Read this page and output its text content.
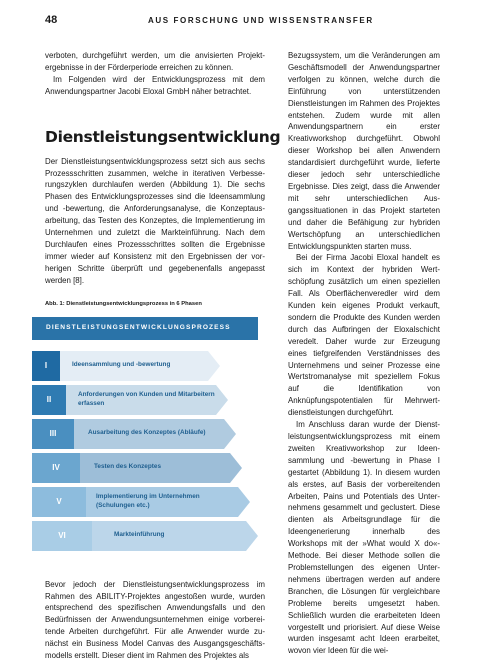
48	AUS FORSCHUNG UND WISSENSTRANSFER

verboten, durchgeführt werden, um die anvisierten Projektergebnisse in der Förderperiode erreichen zu können.

Im Folgenden wird der Entwicklungsprozess mit dem Anwendungspartner Jacobi Eloxal GmbH näher betrachtet.

Dienstleistungsentwicklung

Der Dienstleistungsentwicklungsprozess setzt sich aus sechs Prozessschritten zusammen, welche in iterativen Verbesserungszyklen durchlaufen werden (Abbildung 1). Die sechs Phasen des Entwicklungsprozesses sind die Ideensammlung und -bewertung, die Anforderungsanalyse, die Konzeptausarbeitung, das Testen des Konzeptes, die Implementierung im Unternehmen und zuletzt die Markteinführung. Nach dem Durchlaufen eines Prozessschrittes sollten die Ergebnisse immer wieder auf Konsistenz mit den Ergebnissen der vorherigen Schritte überprüft und gegebenenfalls angepasst werden [8].

Abb. 1: Dienstleistungsentwicklungsprozess in 6 Phasen
DIENSTLEISTUNGSENTWICKLUNGSPROZESS
I	Ideensammlung und -bewertung
II	Anforderungen von Kunden und Mitarbeitern erfassen
III	Ausarbeitung des Konzeptes (Abläufe)
IV	Testen des Konzeptes
V	Implementierung im Unternehmen (Schulungen etc.)
VI	Markteinführung

Bevor jedoch der Dienstleistungsentwicklungsprozess im Rahmen des ABILITY-Projektes angestoßen wurde, wurden entsprechend des spezifischen Anwendungsfalls und den Bedürfnissen der Anwendungsunternehmen einige vorbereitende Arbeiten durchgeführt. Für alle Anwender wurde zunächst ein Business Model Canvas des Ausgangsgeschäftsmodells erstellt. Dieser dient im Rahmen des Projektes als

Bezugssystem, um die Veränderungen am Geschäftsmodell der Anwendungspartner verfolgen zu können, welche durch die Einführung von unterstützenden Dienstleistungen im Rahmen des Projektes entstehen. Zudem wurde mit allen Anwendungspartnern ein erster Kreativworkshop durchgeführt. Obwohl dieser Workshop bei allen Anwendern standardisiert durchgeführt wurde, lieferte dieser jedoch sehr unterschiedliche Ergebnisse. Dies zeigt, dass die Anwender mit sehr unterschiedlichen Ausgangssituationen in das Projekt starteten und daher die Befähigung zur hybriden Wertschöpfung an unterschiedlichen Entwicklungspunkten starten muss.

Bei der Firma Jacobi Eloxal handelt es sich im Kontext der hybriden Wertschöpfung zusätzlich um einen speziellen Fall. Als Oberflächenveredler wird dem Kunden kein eigenes Produkt verkauft, sondern die Produkte des Kunden werden durch das Aufbringen der Eloxalschicht veredelt. Daher wurde zur Erzeugung eines tiefgreifenden Verständnisses des Unternehmens und seiner Prozesse eine Wertstromanalyse mit speziellem Fokus auf die Identifikation von Anknüpfungspotentialen für Mehrwertdienstleistungen durchgeführt.

Im Anschluss daran wurde der Dienstleistungsentwicklungsprozess mit einem zweiten Kreativworkshop zur Ideensammlung und -bewertung in Phase I gestartet (Abbildung 1). In diesem wurden als erstes, auf Basis der vorbereitenden Arbeiten, Pains und Potentials des Unternehmens gesammelt und geclustert. Diese dienten als Arbeitsgrundlage für die Ideengenerierung innerhalb des Workshops mit der »What would X do«-Methode. Bei dieser Methode sollen die Problemstellungen des eigenen Unternehmens übertragen werden auf andere Branchen, die Lösungen für vergleichbare Probleme bereits umgesetzt haben. Schließlich wurden die erarbeiteten Ideen vorgestellt und priorisiert. Auf diese Weise wurden insgesamt acht Ideen erarbeitet, wovon vier Ideen für die wei-
